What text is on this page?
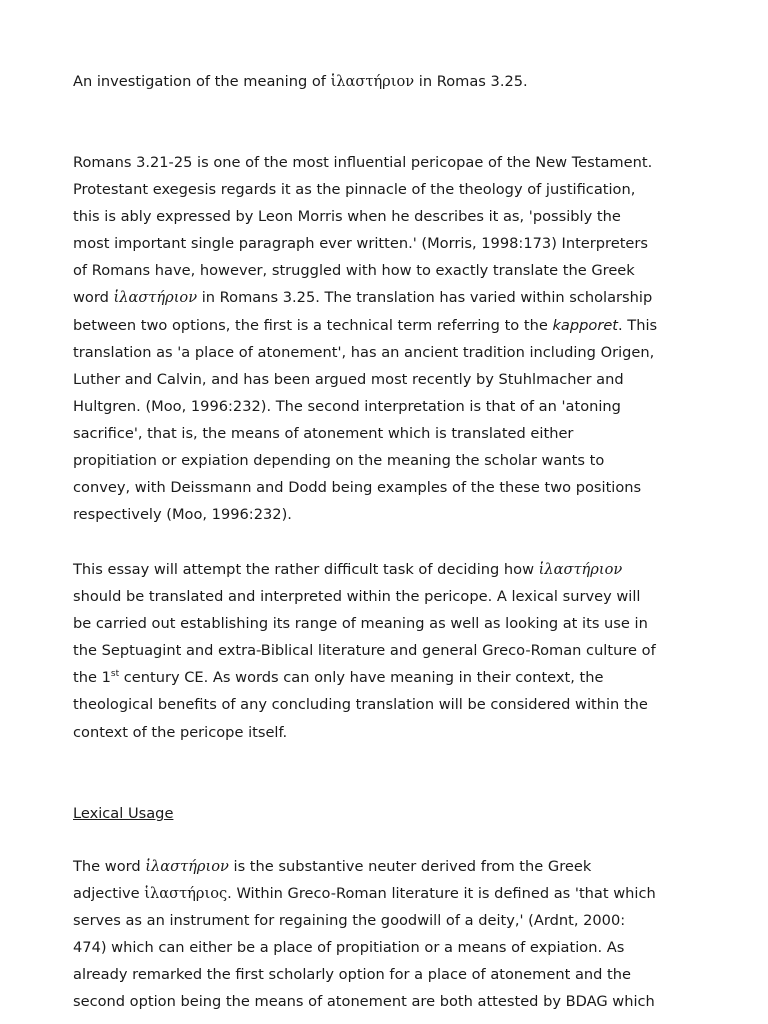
An investigation of the meaning of ἱλαστήριον in Romas 3.25.
Romans 3.21-25 is one of the most influential pericopae of the New Testament.
Protestant exegesis regards it as the pinnacle of the theology of justification,
this is ably expressed by Leon Morris when he describes it as, 'possibly the
most important single paragraph ever written.' (Morris, 1998:173) Interpreters
of Romans have, however, struggled with how to exactly translate the Greek
word ἱλαστήριον in Romans 3.25. The translation has varied within scholarship
between two options, the first is a technical term referring to the kapporet. This
translation as 'a place of atonement', has an ancient tradition including Origen,
Luther and Calvin, and has been argued most recently by Stuhlmacher and
Hultgren. (Moo, 1996:232). The second interpretation is that of an 'atoning
sacrifice', that is, the means of atonement which is translated either
propitiation or expiation depending on the meaning the scholar wants to
convey, with Deissmann and Dodd being examples of the these two positions
respectively (Moo, 1996:232).
This essay will attempt the rather difficult task of deciding how ἱλαστήριον
should be translated and interpreted within the pericope. A lexical survey will
be carried out establishing its range of meaning as well as looking at its use in
the Septuagint and extra-Biblical literature and general Greco-Roman culture of
the 1st century CE. As words can only have meaning in their context, the
theological benefits of any concluding translation will be considered within the
context of the pericope itself.
Lexical Usage
The word ἱλαστήριον is the substantive neuter derived from the Greek
adjective ἱλαστήριος. Within Greco-Roman literature it is defined as 'that which
serves as an instrument for regaining the goodwill of a deity,' (Ardnt, 2000:
474) which can either be a place of propitiation or a means of expiation. As
already remarked the first scholarly option for a place of atonement and the
second option being the means of atonement are both attested by BDAG which
